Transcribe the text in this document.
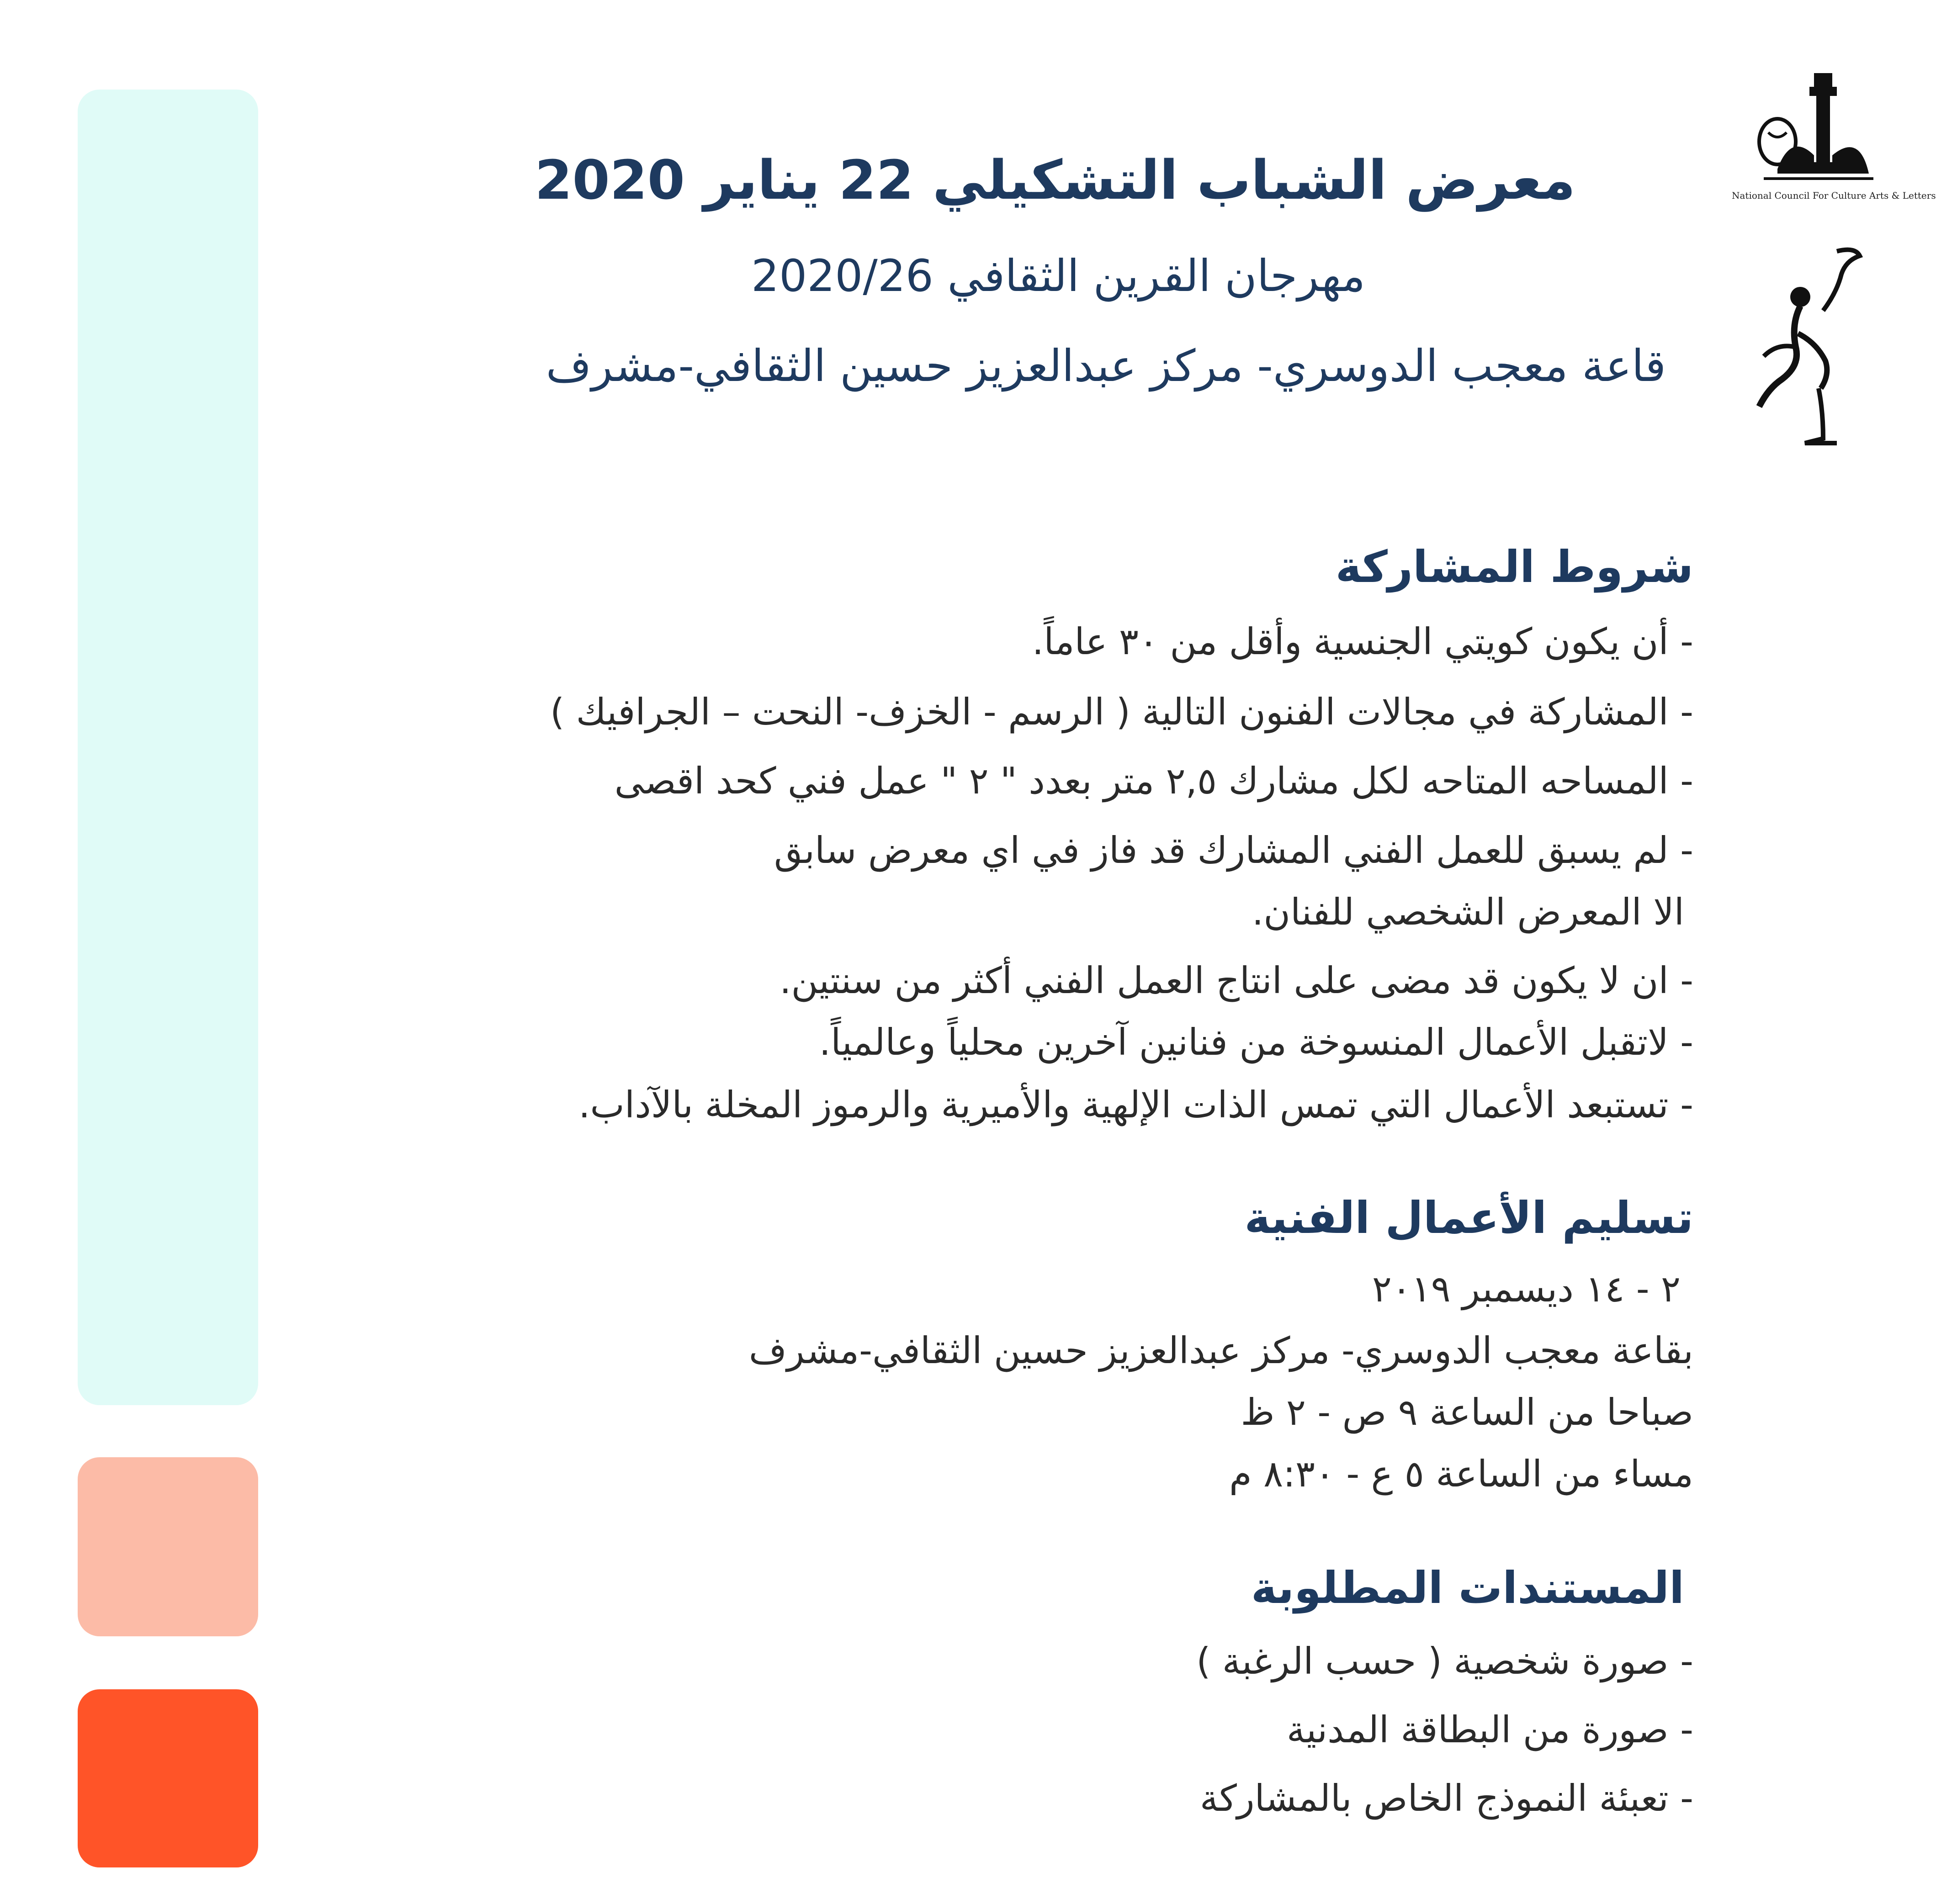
National Council For Culture Arts & Letters
معرض الشباب التشكيلي 22 يناير 2020
مهرجان القرين الثقافي 2020/26
قاعة معجب الدوسري- مركز عبدالعزيز حسين الثقافي-مشرف
شروط المشاركة
- أن يكون كويتي الجنسية وأقل من ٣٠ عاماً.
- المشاركة في مجالات الفنون التالية ( الرسم - الخزف- النحت – الجرافيك )
- المساحه المتاحه لكل مشارك ٢,٥ متر بعدد " ٢ " عمل فني كحد اقصى
- لم يسبق للعمل الفني المشارك قد فاز في اي معرض سابق
الا المعرض الشخصي للفنان.
- ان لا يكون قد مضى على انتاج العمل الفني أكثر من سنتين.
- لاتقبل الأعمال المنسوخة من فنانين آخرين محلياً وعالمياً.
- تستبعد الأعمال التي تمس الذات الإلهية والأميرية والرموز المخلة بالآداب.
تسليم الأعمال الفنية
٢ - ١٤ ديسمبر ٢٠١٩
بقاعة معجب الدوسري- مركز عبدالعزيز حسين الثقافي-مشرف
صباحا من الساعة ٩ ص - ٢ ظ
مساء من الساعة ٥ ع - ٨:٣٠ م
المستندات المطلوبة
- صورة شخصية ( حسب الرغبة )
- صورة من البطاقة المدنية
- تعبئة النموذج الخاص بالمشاركة
